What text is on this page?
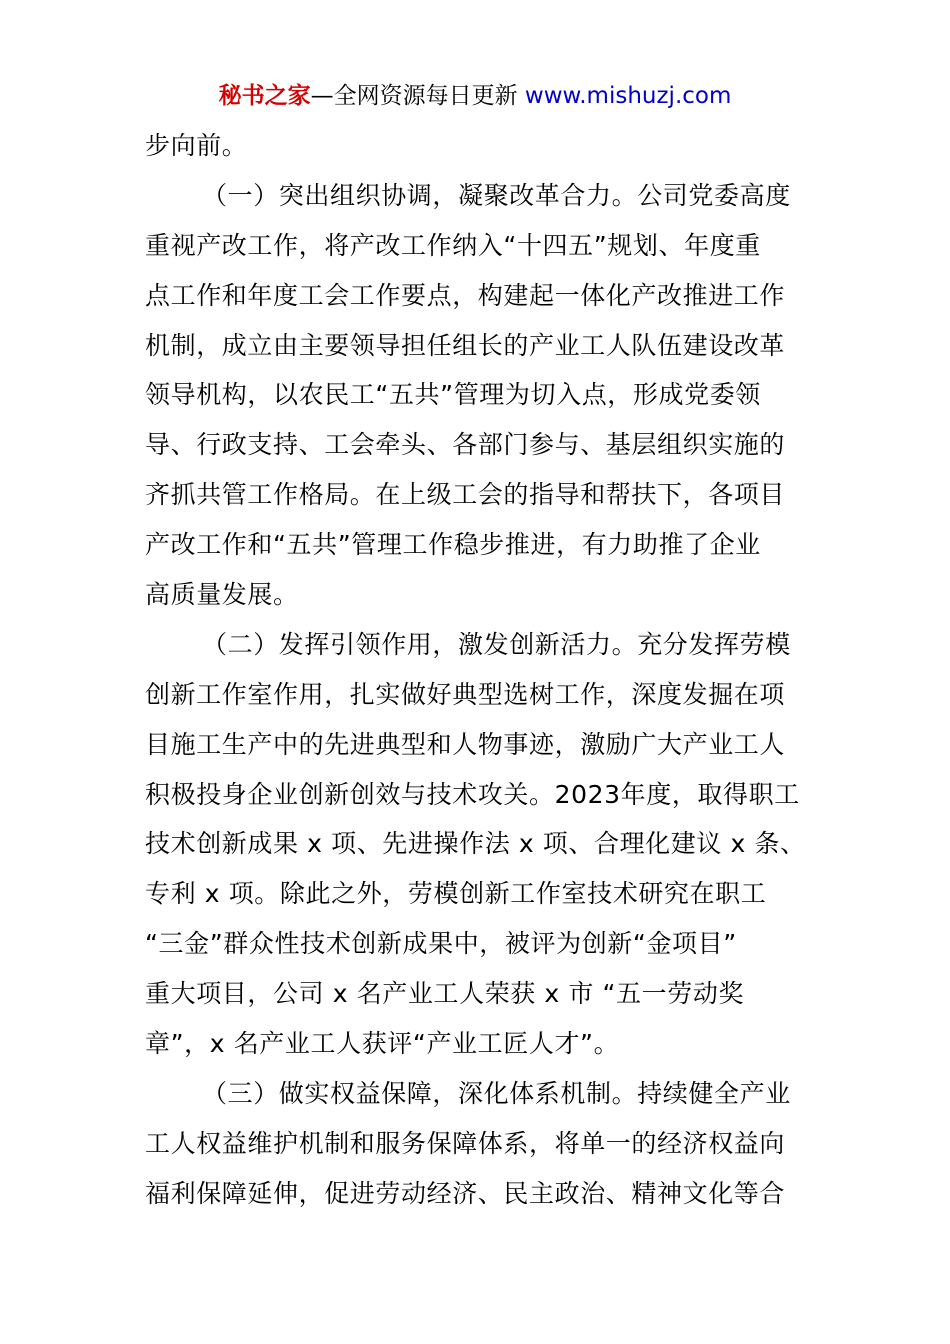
秘书之家—全网资源每日更新 www.mishuzj.com
步向前。
（一）突出组织协调，凝聚改革合力。公司党委高度
重视产改工作，将产改工作纳入“十四五”规划、年度重
点工作和年度工会工作要点，构建起一体化产改推进工作
机制，成立由主要领导担任组长的产业工人队伍建设改革
领导机构，以农民工“五共”管理为切入点，形成党委领
导、行政支持、工会牵头、各部门参与、基层组织实施的
齐抓共管工作格局。在上级工会的指导和帮扶下，各项目
产改工作和“五共”管理工作稳步推进，有力助推了企业
高质量发展。
（二）发挥引领作用，激发创新活力。充分发挥劳模
创新工作室作用，扎实做好典型选树工作，深度发掘在项
目施工生产中的先进典型和人物事迹，激励广大产业工人
积极投身企业创新创效与技术攻关。2023年度，取得职工
技术创新成果 x 项、先进操作法 x 项、合理化建议 x 条、
专利 x 项。除此之外，劳模创新工作室技术研究在职工
“三金”群众性技术创新成果中，被评为创新“金项目”
重大项目，公司 x 名产业工人荣获 x 市 “五一劳动奖
章”，x 名产业工人获评“产业工匠人才”。
（三）做实权益保障，深化体系机制。持续健全产业
工人权益维护机制和服务保障体系，将单一的经济权益向
福利保障延伸，促进劳动经济、民主政治、精神文化等合
